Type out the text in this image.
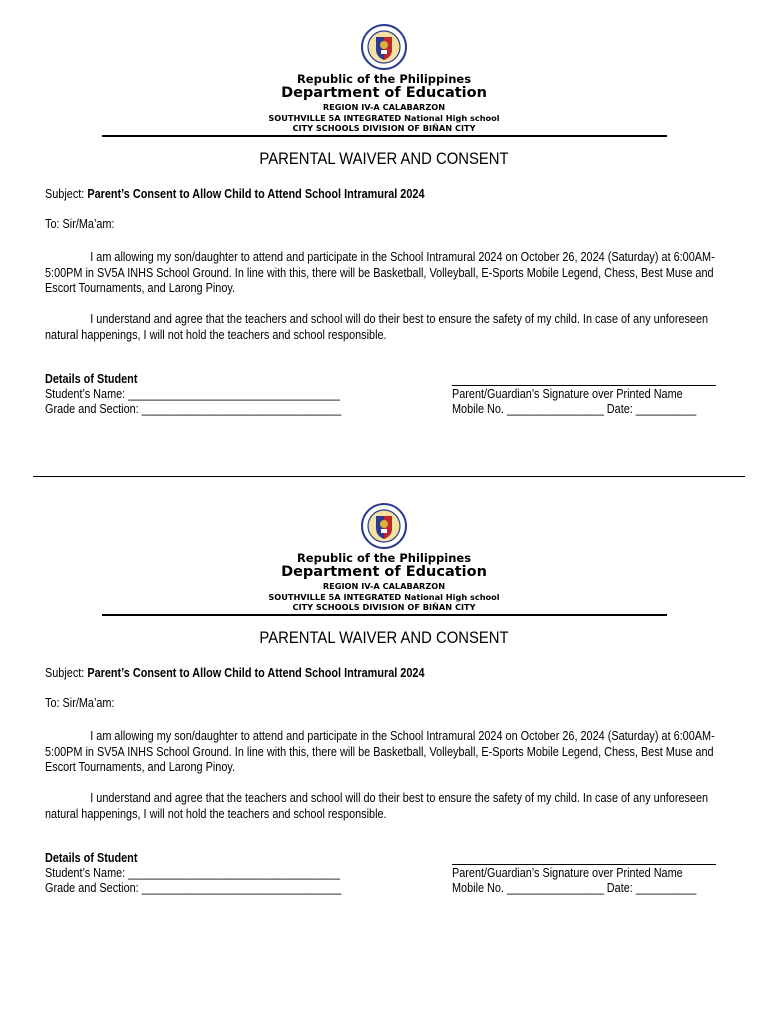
Republic of the Philippines
Department of Education
REGION IV-A CALABARZON
SOUTHVILLE 5A INTEGRATED National High school
CITY SCHOOLS DIVISION OF BIÑAN CITY
PARENTAL WAIVER AND CONSENT
Subject: Parent’s Consent to Allow Child to Attend School Intramural 2024
To: Sir/Ma’am:
I am allowing my son/daughter to attend and participate in the School Intramural 2024 on October 26, 2024 (Saturday) at 6:00AM-5:00PM in SV5A INHS School Ground. In line with this, there will be Basketball, Volleyball, E-Sports Mobile Legend, Chess, Best Muse and Escort Tournaments, and Larong Pinoy.
I understand and agree that the teachers and school will do their best to ensure the safety of my child. In case of any unforeseen natural happenings, I will not hold the teachers and school responsible.
Details of Student
Student’s Name: ___________________________________
Grade and Section: _________________________________
Parent/Guardian’s Signature over Printed Name
Mobile No. ________________ Date: __________
Republic of the Philippines
Department of Education
REGION IV-A CALABARZON
SOUTHVILLE 5A INTEGRATED National High school
CITY SCHOOLS DIVISION OF BIÑAN CITY
PARENTAL WAIVER AND CONSENT
Subject: Parent’s Consent to Allow Child to Attend School Intramural 2024
To: Sir/Ma’am:
I am allowing my son/daughter to attend and participate in the School Intramural 2024 on October 26, 2024 (Saturday) at 6:00AM-5:00PM in SV5A INHS School Ground. In line with this, there will be Basketball, Volleyball, E-Sports Mobile Legend, Chess, Best Muse and Escort Tournaments, and Larong Pinoy.
I understand and agree that the teachers and school will do their best to ensure the safety of my child. In case of any unforeseen natural happenings, I will not hold the teachers and school responsible.
Details of Student
Student’s Name: ___________________________________
Grade and Section: _________________________________
Parent/Guardian’s Signature over Printed Name
Mobile No. ________________ Date: __________
